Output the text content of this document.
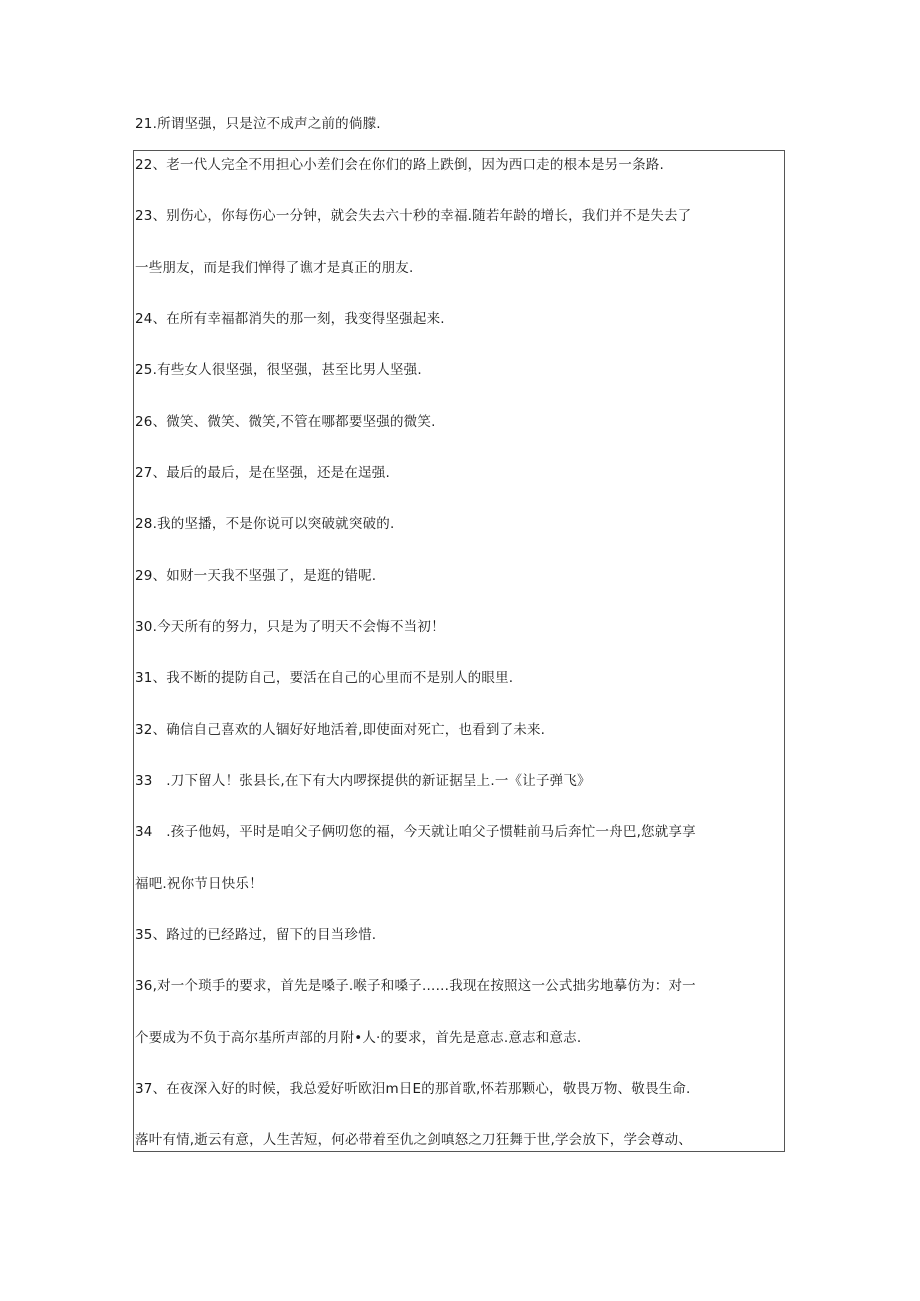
21.所谓坚强，只是泣不成声之前的倘朦.
22、老一代人完全不用担心小差们会在你们的路上跌倒，因为西口走的根本是另一条路.
23、别伤心，你每伤心一分钟，就会失去六十秒的幸福.随若年龄的增长，我们并不是失去了
一些朋友，而是我们惮得了谯才是真正的朋友.
24、在所有幸福都消失的那一刻，我变得坚强起来.
25.有些女人很坚强，很坚强，甚至比男人坚强.
26、微笑、微笑、微笑,不管在哪都要坚强的微笑.
27、最后的最后，是在坚强，还是在逞强.
28.我的坚播，不是你说可以突破就突破的.
29、如财一天我不坚强了，是逛的错呢.
30.今天所有的努力，只是为了明天不会悔不当初！
31、我不断的提防自己，要活在自己的心里而不是别人的眼里.
32、确信自己喜欢的人锢好好地活着,即使面对死亡，也看到了未来.
33　.刀下留人！张县长,在下有大内啰探提供的新证据呈上.一《让子弹飞》
34　.孩子他妈，平时是咱父子俩叨您的福，今天就让咱父子惯鞋前马后奔忙一舟巴,您就享享
福吧.祝你节日快乐！
35、路过的已经路过，留下的目当珍惜.
36,对一个琐手的要求，首先是嗓子.喉子和嗓子……我现在按照这一公式拙劣地摹仿为：对一
个要成为不负于高尔基所声部的月附•人·的要求，首先是意志.意志和意志.
37、在夜深入好的时候，我总爱好听欧汨m日E的那首歌,怀若那颗心，敬畏万物、敬畏生命.
落叶有情,逝云有意，人生苦短，何必带着至仇之剑嗔怒之刀狂舞于世,学会放下，学会尊动、
